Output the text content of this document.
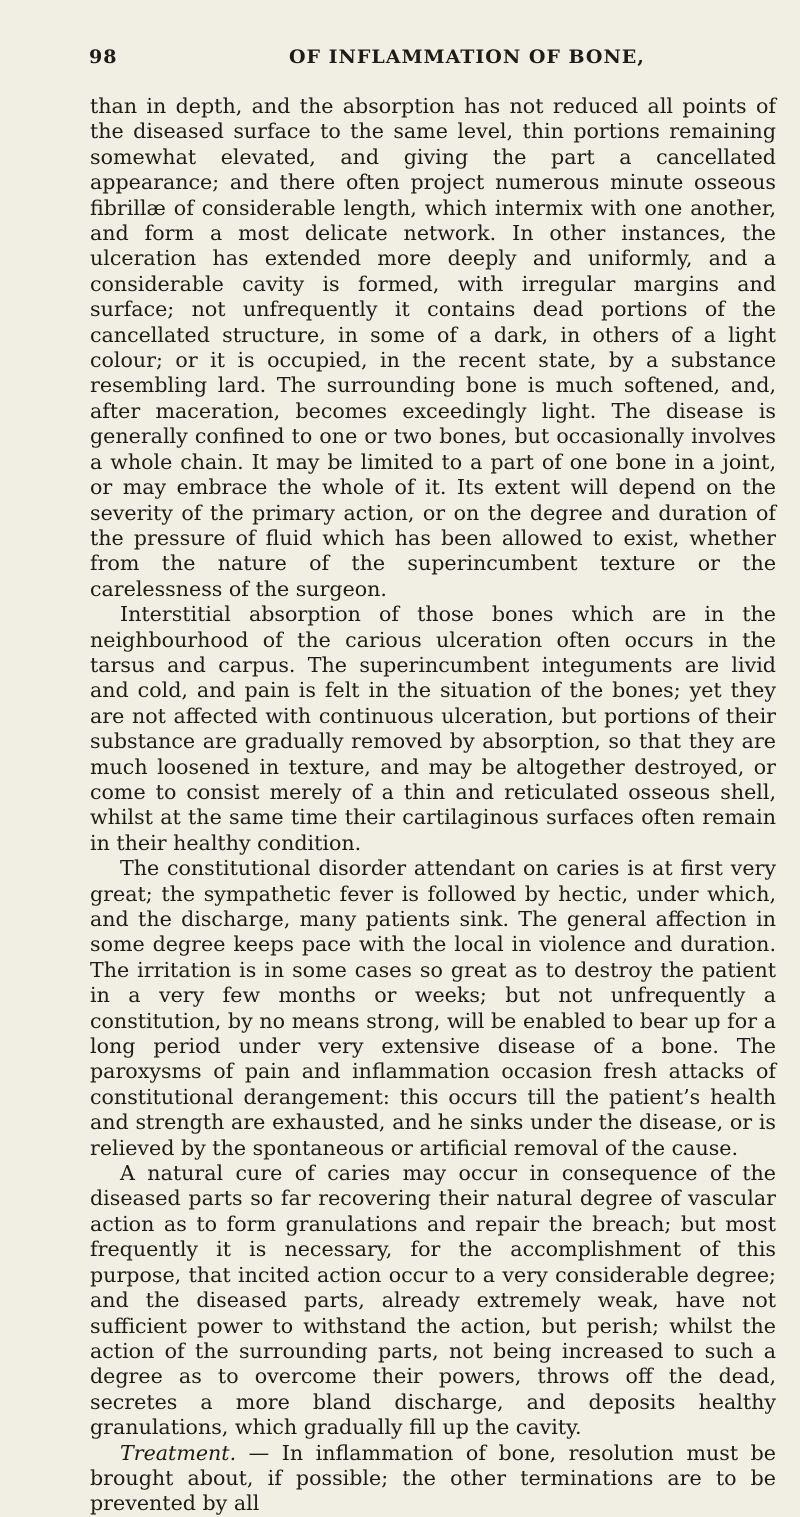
98	OF INFLAMMATION OF BONE,

than in depth, and the absorption has not reduced all points of the diseased surface to the same level, thin portions remaining somewhat elevated, and giving the part a cancellated appearance; and there often project numerous minute osseous fibrillæ of considerable length, which intermix with one another, and form a most delicate network. In other instances, the ulceration has extended more deeply and uniformly, and a considerable cavity is formed, with irregular margins and surface; not unfrequently it contains dead portions of the cancellated structure, in some of a dark, in others of a light colour; or it is occupied, in the recent state, by a substance resembling lard. The surrounding bone is much softened, and, after maceration, becomes exceedingly light. The disease is generally confined to one or two bones, but occasionally involves a whole chain. It may be limited to a part of one bone in a joint, or may embrace the whole of it. Its extent will depend on the severity of the primary action, or on the degree and duration of the pressure of fluid which has been allowed to exist, whether from the nature of the superincumbent texture or the carelessness of the surgeon.

Interstitial absorption of those bones which are in the neighbourhood of the carious ulceration often occurs in the tarsus and carpus. The superincumbent integuments are livid and cold, and pain is felt in the situation of the bones; yet they are not affected with continuous ulceration, but portions of their substance are gradually removed by absorption, so that they are much loosened in texture, and may be altogether destroyed, or come to consist merely of a thin and reticulated osseous shell, whilst at the same time their cartilaginous surfaces often remain in their healthy condition.

The constitutional disorder attendant on caries is at first very great; the sympathetic fever is followed by hectic, under which, and the discharge, many patients sink. The general affection in some degree keeps pace with the local in violence and duration. The irritation is in some cases so great as to destroy the patient in a very few months or weeks; but not unfrequently a constitution, by no means strong, will be enabled to bear up for a long period under very extensive disease of a bone. The paroxysms of pain and inflammation occasion fresh attacks of constitutional derangement: this occurs till the patient’s health and strength are exhausted, and he sinks under the disease, or is relieved by the spontaneous or artificial removal of the cause.

A natural cure of caries may occur in consequence of the diseased parts so far recovering their natural degree of vascular action as to form granulations and repair the breach; but most frequently it is necessary, for the accomplishment of this purpose, that incited action occur to a very considerable degree; and the diseased parts, already extremely weak, have not sufficient power to withstand the action, but perish; whilst the action of the surrounding parts, not being increased to such a degree as to overcome their powers, throws off the dead, secretes a more bland discharge, and deposits healthy granulations, which gradually fill up the cavity.

Treatment. — In inflammation of bone, resolution must be brought about, if possible; the other terminations are to be prevented by all
